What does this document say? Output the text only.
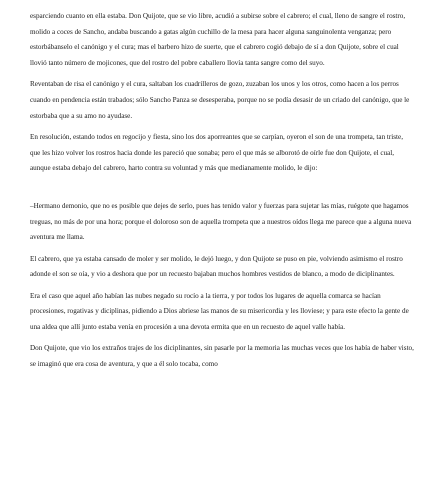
esparciendo cuanto en ella estaba. Don Quijote, que se vio libre, acudió a subirse sobre el cabrero; el cual, lleno de sangre el rostro, molido a coces de Sancho, andaba buscando a gatas algún cuchillo de la mesa para hacer alguna sanguinolenta venganza; pero estorbábanselo el canónigo y el cura; mas el barbero hizo de suerte, que el cabrero cogió debajo de sí a don Quijote, sobre el cual llovió tanto número de mojicones, que del rostro del pobre caballero llovía tanta sangre como del suyo.

Reventaban de risa el canónigo y el cura, saltaban los cuadrilleros de gozo, zuzaban los unos y los otros, como hacen a los perros cuando en pendencia están trabados; sólo Sancho Panza se desesperaba, porque no se podía desasir de un criado del canónigo, que le estorbaba que a su amo no ayudase.

En resolución, estando todos en regocijo y fiesta, sino los dos aporreantes que se carpían, oyeron el son de una trompeta, tan triste, que les hizo volver los rostros hacia donde les pareció que sonaba; pero el que más se alborotó de oírle fue don Quijote, el cual, aunque estaba debajo del cabrero, harto contra su voluntad y más que medianamente molido, le dijo:

–Hermano demonio, que no es posible que dejes de serlo, pues has tenido valor y fuerzas para sujetar las mías, ruégote que hagamos treguas, no más de por una hora; porque el doloroso son de aquella trompeta que a nuestros oídos llega me parece que a alguna nueva aventura me llama.

El cabrero, que ya estaba cansado de moler y ser molido, le dejó luego, y don Quijote se puso en pie, volviendo asimismo el rostro adonde el son se oía, y vio a deshora que por un recuesto bajaban muchos hombres vestidos de blanco, a modo de diciplinantes.

Era el caso que aquel año habían las nubes negado su rocío a la tierra, y por todos los lugares de aquella comarca se hacían procesiones, rogativas y diciplinas, pidiendo a Dios abriese las manos de su misericordia y les lloviese; y para este efecto la gente de una aldea que allí junto estaba venía en procesión a una devota ermita que en un recuesto de aquel valle había.

Don Quijote, que vio los extraños trajes de los diciplinantes, sin pasarle por la memoria las muchas veces que los había de haber visto, se imaginó que era cosa de aventura, y que a él solo tocaba, como
